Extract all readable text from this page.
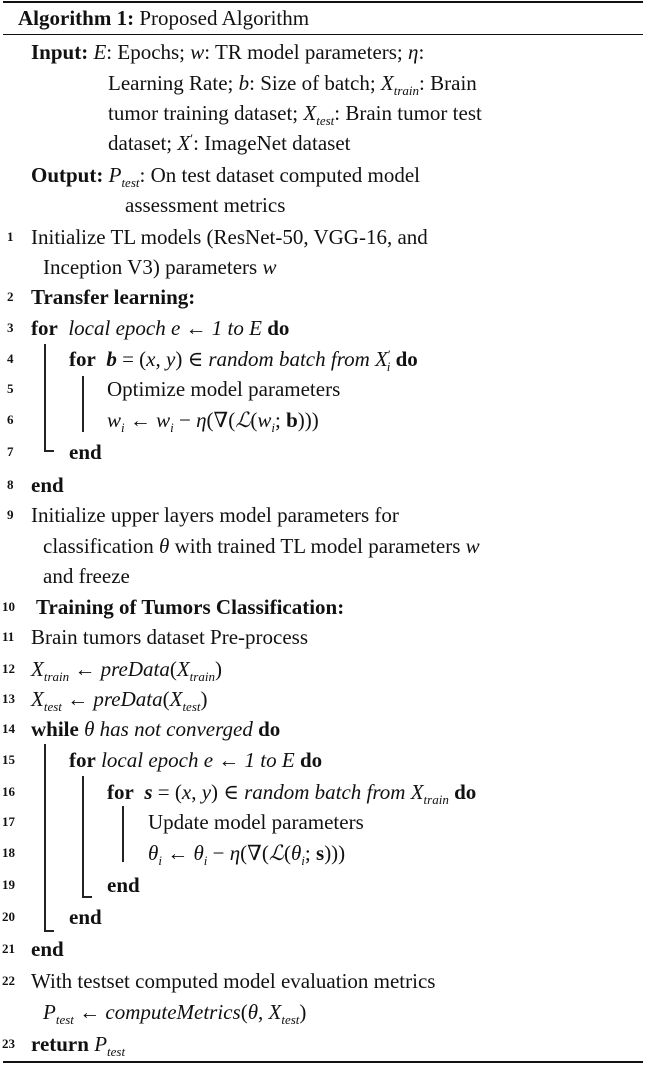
Algorithm 1: Proposed Algorithm
Input: E: Epochs; w: TR model parameters; η:
Learning Rate; b: Size of batch; $X_{train}$: Brain
tumor training dataset; $X_{test}$: Brain tumor test
dataset; X′: ImageNet dataset
Output: $P_{test}$: On test dataset computed model
assessment metrics
1
2
3
4
5
6
7
8
9
10
11
12
13
14
15
16
17
18
19
20
21
22
23
Initialize TL models (ResNet-50, VGG-16, and
Inception V3) parameters w
Transfer learning:
for local epoch e ← 1 to E do
for b = (x, y) ∈ random batch from $X'_i$ do
Optimize model parameters
$w_i$ ← $w_i$ − $\eta(\nabla(ℒ(w_i$; b)))
end
end
Initialize upper layers model parameters for
classification θ with trained TL model parameters w
and freeze
Training of Tumors Classification:
Brain tumors dataset Pre-process
$X_{train}$ ← $preData(X_{train})$
$X_{test}$ ← $preData(X_{test})$
while θ has not converged do
for local epoch e ← 1 to E do
for s = (x, y) ∈ random batch from $X_{train}$ do
Update model parameters
$\theta_i$ ← $\theta_i$ − $\eta(\nabla(ℒ(\theta_i$; s)))
end
end
end
With testset computed model evaluation metrics
$P_{test}$ ← computeMetrics(θ, $X_{test}$)
return $P_{test}$
